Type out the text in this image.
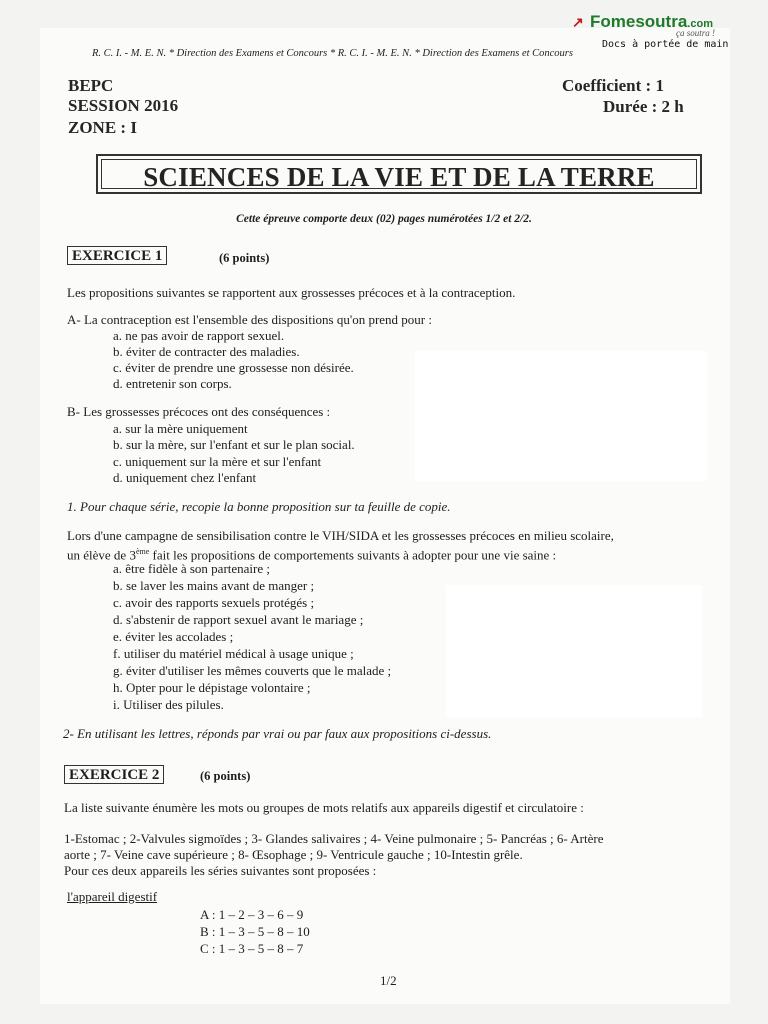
↗ Fomesoutra.com
ça soutra !
Docs à portée de main
R. C. I. - M. E. N. * Direction des Examens et Concours * R. C. I. - M. E. N. * Direction des Examens et Concours
BEPC
SESSION 2016
ZONE : I
Coefficient : 1
Durée : 2 h
SCIENCES DE LA VIE ET DE LA TERRE
Cette épreuve comporte deux (02) pages numérotées 1/2 et 2/2.
EXERCICE 1	(6 points)
Les propositions suivantes se rapportent aux grossesses précoces et à la contraception.
A- La contraception est l'ensemble des dispositions qu'on prend pour :
a. ne pas avoir de rapport sexuel.
b. éviter de contracter des maladies.
c. éviter de prendre une grossesse non désirée.
d. entretenir son corps.
B- Les grossesses précoces ont des conséquences :
a. sur la mère uniquement
b. sur la mère, sur l'enfant et sur le plan social.
c. uniquement sur la mère et sur l'enfant
d. uniquement chez l'enfant
1. Pour chaque série, recopie la bonne proposition sur ta feuille de copie.
Lors d'une campagne de sensibilisation contre le VIH/SIDA et les grossesses précoces en milieu scolaire,
un élève de 3ème fait les propositions de comportements suivants à adopter pour une vie saine :
a. être fidèle à son partenaire ;
b. se laver les mains avant de manger ;
c. avoir des rapports sexuels protégés ;
d. s'abstenir de rapport sexuel avant le mariage ;
e. éviter les accolades ;
f. utiliser du matériel médical à usage unique ;
g. éviter d'utiliser les mêmes couverts que le malade ;
h. Opter pour le dépistage volontaire ;
i. Utiliser des pilules.
2- En utilisant les lettres, réponds par vrai ou par faux aux propositions ci-dessus.
EXERCICE 2	(6 points)
La liste suivante énumère les mots ou groupes de mots relatifs aux appareils digestif et circulatoire :
1-Estomac ; 2-Valvules sigmoïdes ; 3- Glandes salivaires ; 4- Veine pulmonaire ; 5- Pancréas ; 6- Artère
aorte ; 7- Veine cave supérieure ; 8- Œsophage ; 9- Ventricule gauche ; 10-Intestin grêle.
Pour ces deux appareils les séries suivantes sont proposées :
l'appareil digestif
A : 1 – 2 – 3 – 6 – 9
B : 1 – 3 – 5 – 8 – 10
C : 1 – 3 – 5 – 8 – 7
1/2
